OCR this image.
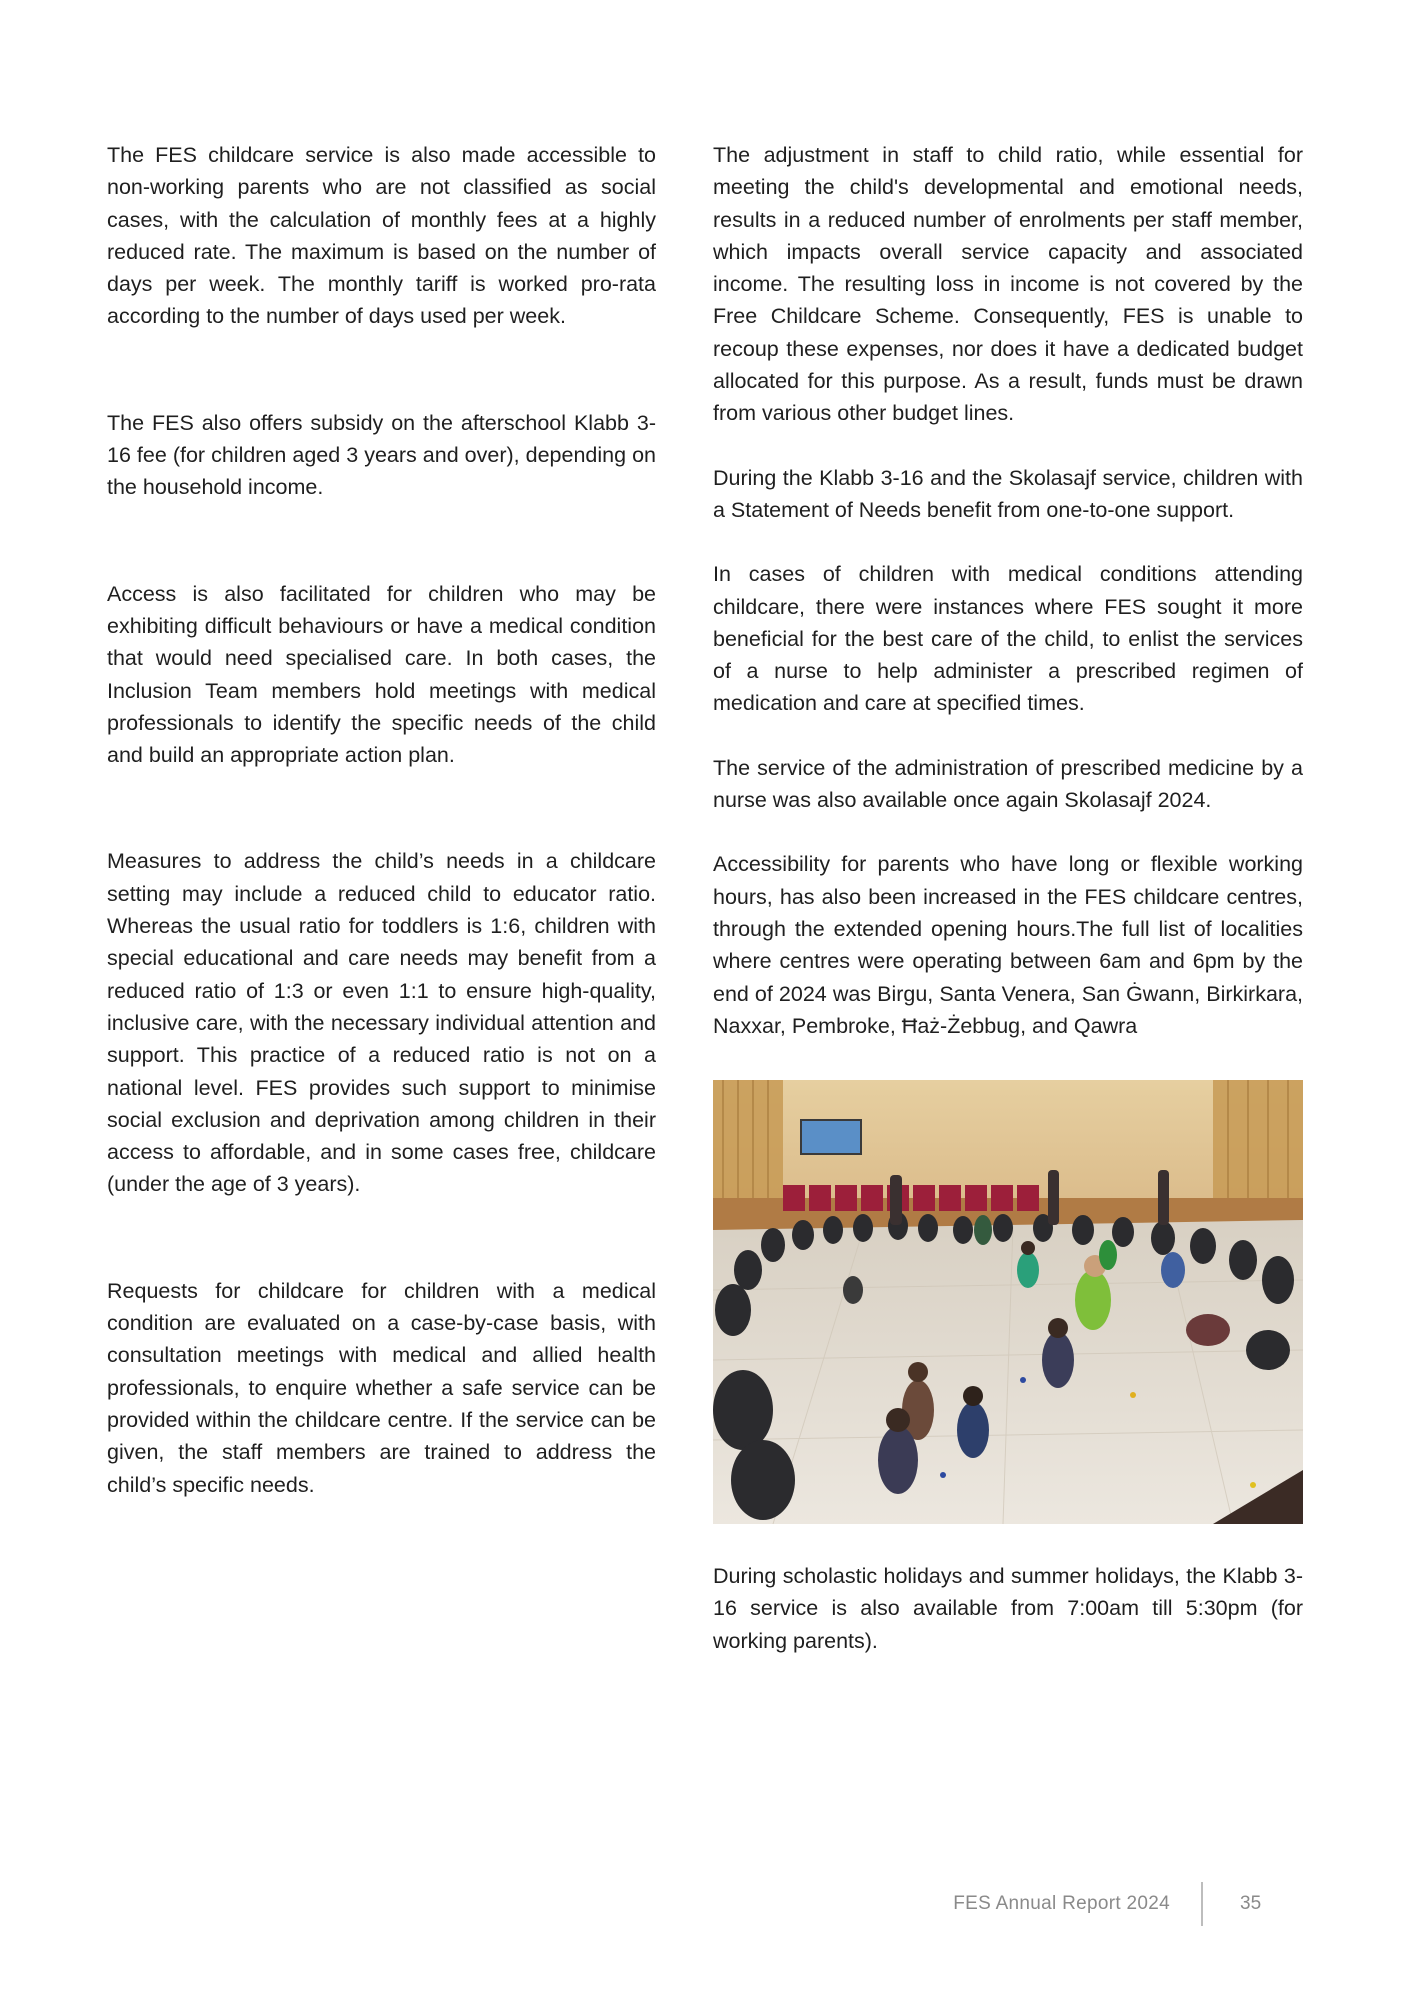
The FES childcare service is also made accessible to non-working parents who are not classified as social cases, with the calculation of monthly fees at a highly reduced rate. The maximum is based on the number of days per week. The monthly tariff is worked pro-rata according to the number of days used per week.

The FES also offers subsidy on the afterschool Klabb 3-16 fee (for children aged 3 years and over), depending on the household income.

Access is also facilitated for children who may be exhibiting difficult behaviours or have a medical condition that would need specialised care. In both cases, the Inclusion Team members hold meetings with medical professionals to identify the specific needs of the child and build an appropriate action plan.

Measures to address the child’s needs in a childcare setting may include a reduced child to educator ratio. Whereas the usual ratio for toddlers is 1:6, children with special educational and care needs may benefit from a reduced ratio of 1:3 or even 1:1 to ensure high-quality, inclusive care, with the necessary individual attention and support. This practice of a reduced ratio is not on a national level. FES provides such support to minimise social exclusion and deprivation among children in their access to affordable, and in some cases free, childcare (under the age of 3 years).

Requests for childcare for children with a medical condition are evaluated on a case-by-case basis, with consultation meetings with medical and allied health professionals, to enquire whether a safe service can be provided within the childcare centre. If the service can be given, the staff members are trained to address the child’s specific needs.

The adjustment in staff to child ratio, while essential for meeting the child's developmental and emotional needs, results in a reduced number of enrolments per staff member, which impacts overall service capacity and associated income. The resulting loss in income is not covered by the Free Childcare Scheme. Consequently, FES is unable to recoup these expenses, nor does it have a dedicated budget allocated for this purpose. As a result, funds must be drawn from various other budget lines.

During the Klabb 3-16 and the Skolasajf service, children with a Statement of Needs benefit from one-to-one support.

In cases of children with medical conditions attending childcare, there were instances where FES sought it more beneficial for the best care of the child, to enlist the services of a nurse to help administer a prescribed regimen of medication and care at specified times.

The service of the administration of prescribed medicine by a nurse was also available once again Skolasajf 2024.

Accessibility for parents who have long or flexible working hours, has also been increased in the FES childcare centres, through the extended opening hours.The full list of localities where centres were operating between 6am and 6pm by the end of 2024 was Birgu, Santa Venera, San Ġwann, Birkirkara, Naxxar, Pembroke, Ħaż-Żebbug, and Qawra

During scholastic holidays and summer holidays, the Klabb 3-16 service is also available from 7:00am till 5:30pm (for working parents).

FES Annual Report 2024	35
